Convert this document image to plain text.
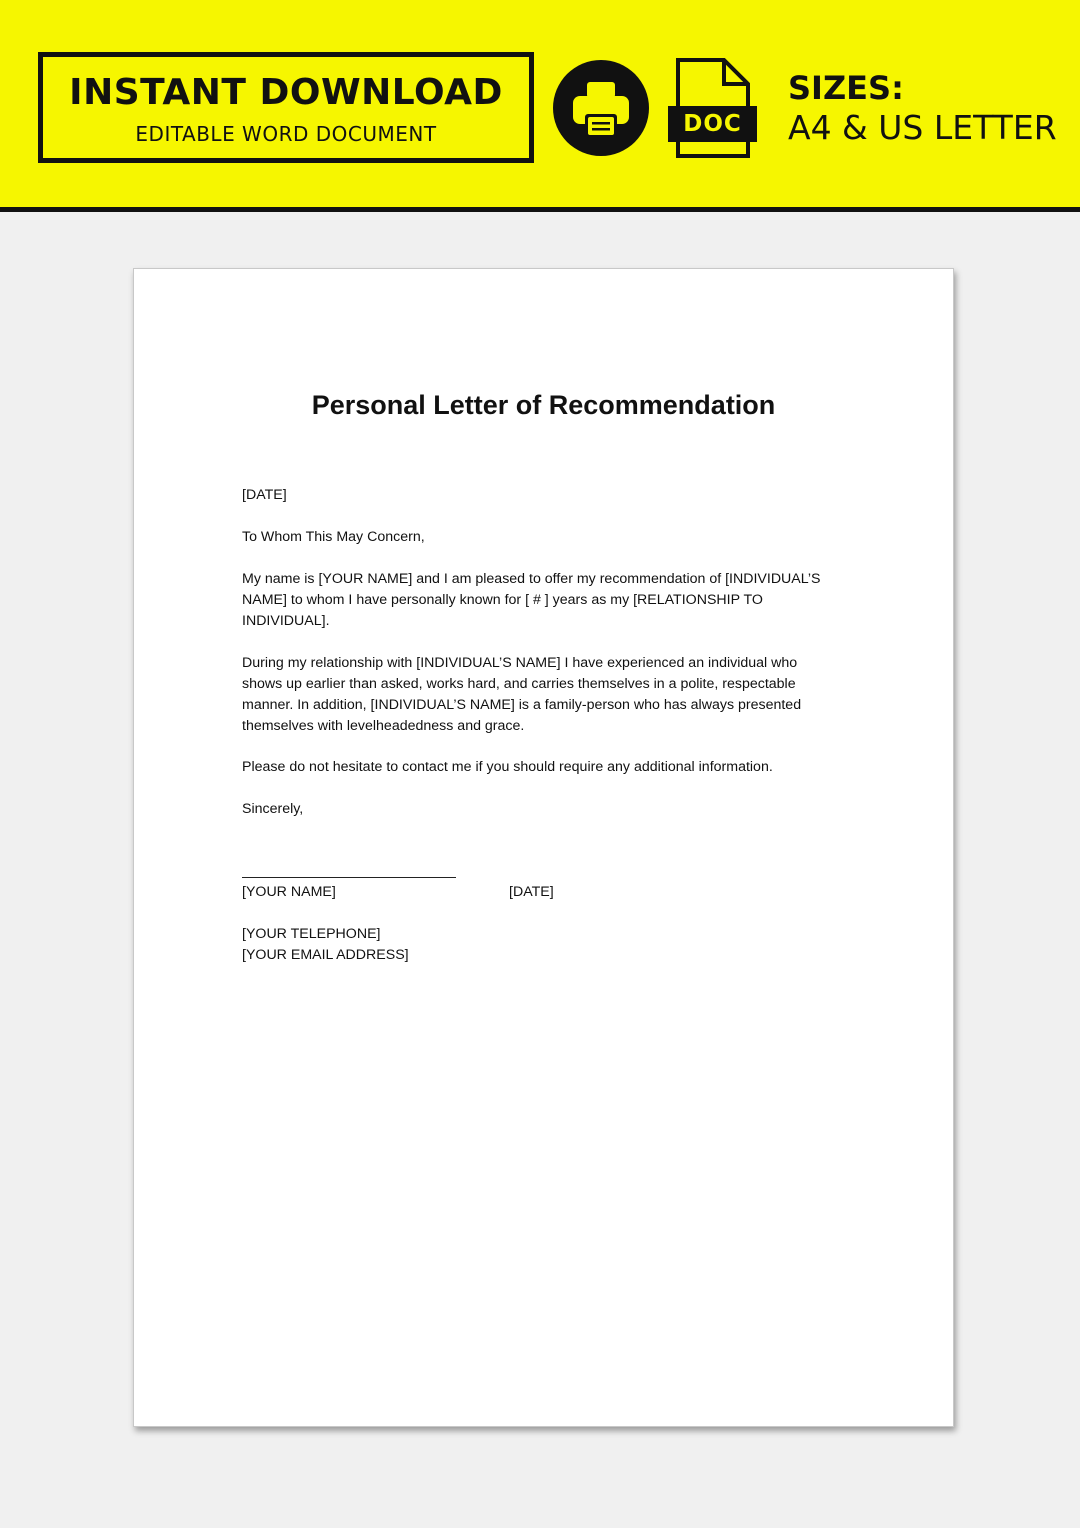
INSTANT DOWNLOAD
EDITABLE WORD DOCUMENT	DOC
SIZES:
A4 & US LETTER
Personal Letter of Recommendation
[DATE]
To Whom This May Concern,
My name is [YOUR NAME] and I am pleased to offer my recommendation of [INDIVIDUAL’S
NAME] to whom I have personally known for [ # ] years as my [RELATIONSHIP TO
INDIVIDUAL].
During my relationship with [INDIVIDUAL’S NAME] I have experienced an individual who
shows up earlier than asked, works hard, and carries themselves in a polite, respectable
manner. In addition, [INDIVIDUAL’S NAME] is a family-person who has always presented
themselves with levelheadedness and grace.
Please do not hesitate to contact me if you should require any additional information.
Sincerely,
[YOUR NAME]	[DATE]
[YOUR TELEPHONE]
[YOUR EMAIL ADDRESS]
